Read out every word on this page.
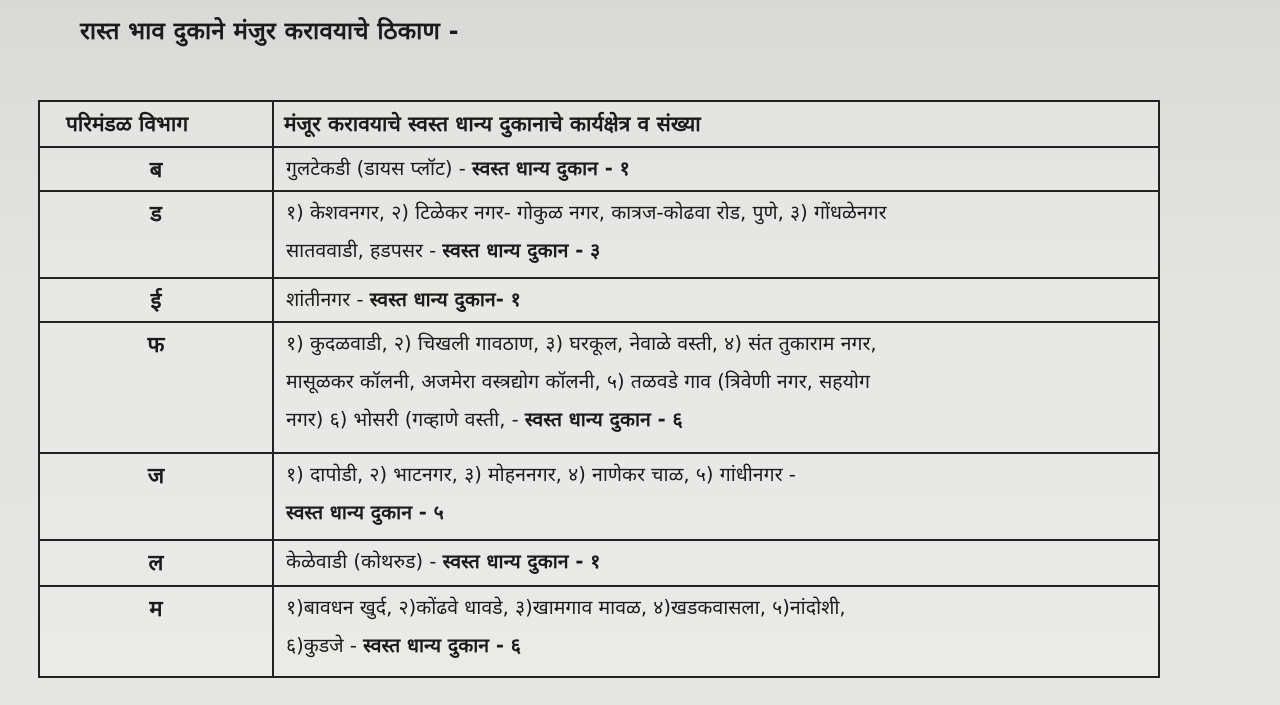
रास्त भाव दुकाने मंजुर करावयाचे ठिकाण -
परिमंडळ विभाग	मंजूर करावयाचे स्वस्त धान्य दुकानाचे कार्यक्षेत्र व संख्या
ब	गुलटेकडी (डायस प्लॉट) - स्वस्त धान्य दुकान - १

ड	१) केशवनगर, २) टिळेकर नगर- गोकुळ नगर, कात्रज-कोढवा रोड, पुणे, ३) गोंधळेनगर
सातववाडी, हडपसर - स्वस्त धान्य दुकान - ३

ई	शांतीनगर - स्वस्त धान्य दुकान- १

फ	१) कुदळवाडी, २) चिखली गावठाण, ३) घरकूल, नेवाळे वस्ती, ४) संत तुकाराम नगर,
मासूळकर कॉलनी, अजमेरा वस्त्रद्योग कॉलनी, ५) तळवडे गाव (त्रिवेणी नगर, सहयोग
नगर) ६) भोसरी (गव्हाणे वस्ती, - स्वस्त धान्य दुकान - ६

ज	१) दापोडी, २) भाटनगर, ३) मोहननगर, ४) नाणेकर चाळ, ५) गांधीनगर -
स्वस्त धान्य दुकान - ५

ल	केळेवाडी (कोथरुड) - स्वस्त धान्य दुकान - १

म	१)बावधन खुर्द, २)कोंढवे धावडे, ३)खामगाव मावळ, ४)खडकवासला, ५)नांदोशी,
६)कुडजे - स्वस्त धान्य दुकान - ६
